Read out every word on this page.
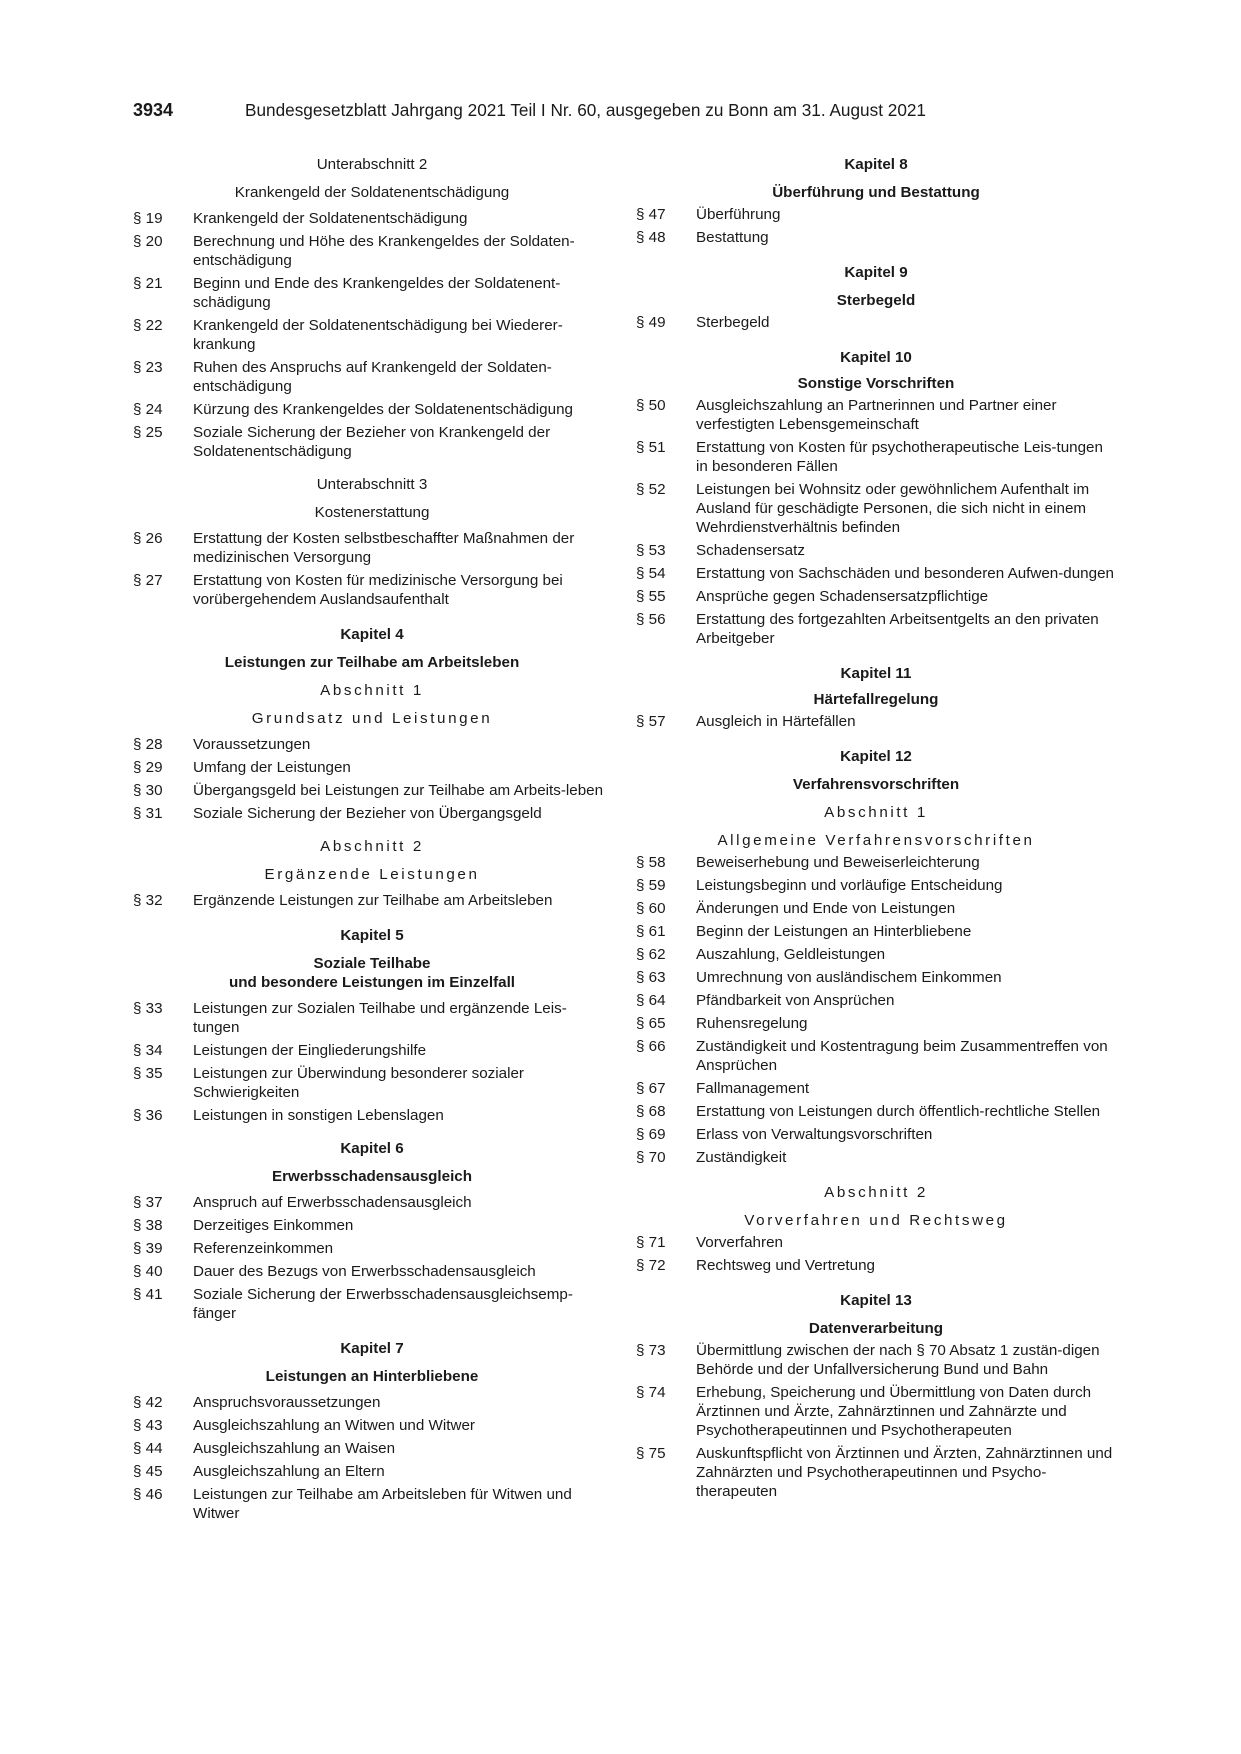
3934	Bundesgesetzblatt Jahrgang 2021 Teil I Nr. 60, ausgegeben zu Bonn am 31. August 2021
Unterabschnitt 2
Krankengeld der Soldatenentschädigung
§ 19	Krankengeld der Soldatenentschädigung
§ 20	Berechnung und Höhe des Krankengeldes der Soldaten-entschädigung
§ 21	Beginn und Ende des Krankengeldes der Soldatenent-schädigung
§ 22	Krankengeld der Soldatenentschädigung bei Wiederer-krankung
§ 23	Ruhen des Anspruchs auf Krankengeld der Soldaten-entschädigung
§ 24	Kürzung des Krankengeldes der Soldatenentschädigung
§ 25	Soziale Sicherung der Bezieher von Krankengeld der Soldatenentschädigung
Unterabschnitt 3
Kostenerstattung
§ 26	Erstattung der Kosten selbstbeschaffter Maßnahmen der medizinischen Versorgung
§ 27	Erstattung von Kosten für medizinische Versorgung bei vorübergehendem Auslandsaufenthalt
Kapitel 4
Leistungen zur Teilhabe am Arbeitsleben
Abschnitt 1
Grundsatz und Leistungen
§ 28	Voraussetzungen
§ 29	Umfang der Leistungen
§ 30	Übergangsgeld bei Leistungen zur Teilhabe am Arbeits-leben
§ 31	Soziale Sicherung der Bezieher von Übergangsgeld
Abschnitt 2
Ergänzende Leistungen
§ 32	Ergänzende Leistungen zur Teilhabe am Arbeitsleben
Kapitel 5
Soziale Teilhabe
und besondere Leistungen im Einzelfall
§ 33	Leistungen zur Sozialen Teilhabe und ergänzende Leis-tungen
§ 34	Leistungen der Eingliederungshilfe
§ 35	Leistungen zur Überwindung besonderer sozialer Schwierigkeiten
§ 36	Leistungen in sonstigen Lebenslagen
Kapitel 6
Erwerbsschadensausgleich
§ 37	Anspruch auf Erwerbsschadensausgleich
§ 38	Derzeitiges Einkommen
§ 39	Referenzeinkommen
§ 40	Dauer des Bezugs von Erwerbsschadensausgleich
§ 41	Soziale Sicherung der Erwerbsschadensausgleichsemp-fänger
Kapitel 7
Leistungen an Hinterbliebene
§ 42	Anspruchsvoraussetzungen
§ 43	Ausgleichszahlung an Witwen und Witwer
§ 44	Ausgleichszahlung an Waisen
§ 45	Ausgleichszahlung an Eltern
§ 46	Leistungen zur Teilhabe am Arbeitsleben für Witwen und Witwer
Kapitel 8
Überführung und Bestattung
§ 47	Überführung
§ 48	Bestattung
Kapitel 9
Sterbegeld
§ 49	Sterbegeld
Kapitel 10
Sonstige Vorschriften
§ 50	Ausgleichszahlung an Partnerinnen und Partner einer verfestigten Lebensgemeinschaft
§ 51	Erstattung von Kosten für psychotherapeutische Leis-tungen in besonderen Fällen
§ 52	Leistungen bei Wohnsitz oder gewöhnlichem Aufenthalt im Ausland für geschädigte Personen, die sich nicht in einem Wehrdienstverhältnis befinden
§ 53	Schadensersatz
§ 54	Erstattung von Sachschäden und besonderen Aufwen-dungen
§ 55	Ansprüche gegen Schadensersatzpflichtige
§ 56	Erstattung des fortgezahlten Arbeitsentgelts an den privaten Arbeitgeber
Kapitel 11
Härtefallregelung
§ 57	Ausgleich in Härtefällen
Kapitel 12
Verfahrensvorschriften
Abschnitt 1
Allgemeine Verfahrensvorschriften
§ 58	Beweiserhebung und Beweiserleichterung
§ 59	Leistungsbeginn und vorläufige Entscheidung
§ 60	Änderungen und Ende von Leistungen
§ 61	Beginn der Leistungen an Hinterbliebene
§ 62	Auszahlung, Geldleistungen
§ 63	Umrechnung von ausländischem Einkommen
§ 64	Pfändbarkeit von Ansprüchen
§ 65	Ruhensregelung
§ 66	Zuständigkeit und Kostentragung beim Zusammentreffen von Ansprüchen
§ 67	Fallmanagement
§ 68	Erstattung von Leistungen durch öffentlich-rechtliche Stellen
§ 69	Erlass von Verwaltungsvorschriften
§ 70	Zuständigkeit
Abschnitt 2
Vorverfahren und Rechtsweg
§ 71	Vorverfahren
§ 72	Rechtsweg und Vertretung
Kapitel 13
Datenverarbeitung
§ 73	Übermittlung zwischen der nach § 70 Absatz 1 zustän-digen Behörde und der Unfallversicherung Bund und Bahn
§ 74	Erhebung, Speicherung und Übermittlung von Daten durch Ärztinnen und Ärzte, Zahnärztinnen und Zahnärzte und Psychotherapeutinnen und Psychotherapeuten
§ 75	Auskunftspflicht von Ärztinnen und Ärzten, Zahnärztinnen und Zahnärzten und Psychotherapeutinnen und Psycho-therapeuten
